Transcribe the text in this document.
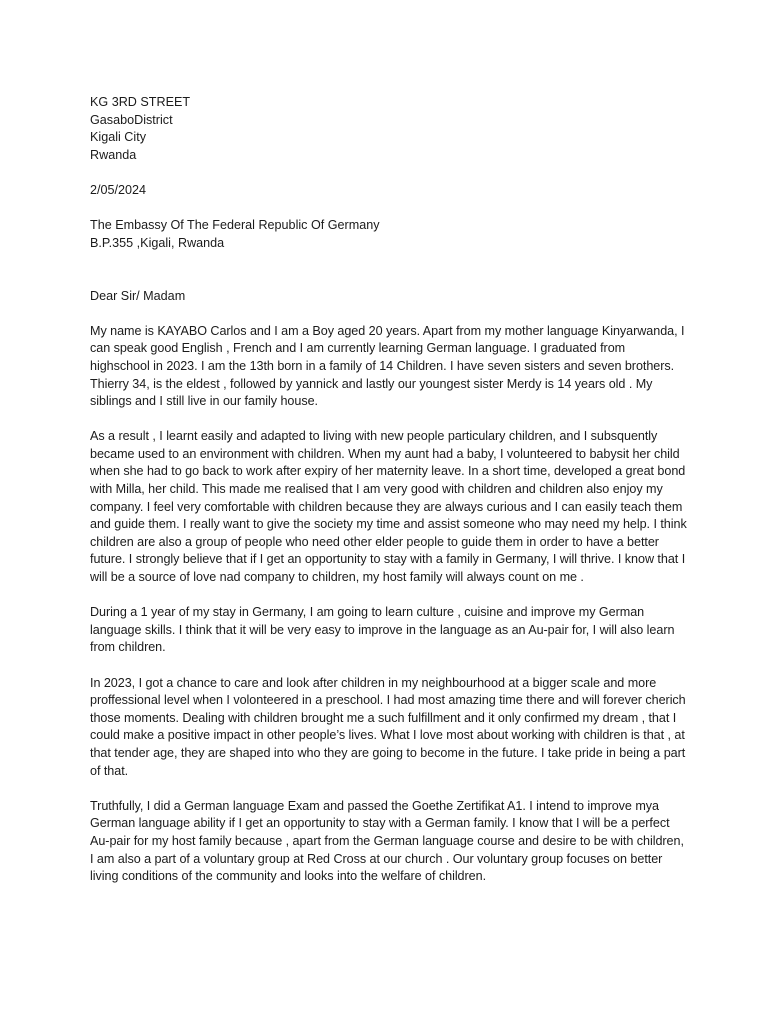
KG 3RD STREET
GasaboDistrict
Kigali City
Rwanda
2/05/2024
The Embassy Of The Federal Republic Of Germany
B.P.355 ,Kigali, Rwanda
Dear Sir/ Madam

My name is KAYABO Carlos and I am a Boy aged 20 years. Apart from my mother language Kinyarwanda, I can speak good English , French and I am currently learning German language. I graduated from highschool in 2023. I am the 13th born in a family of 14 Children. I have seven sisters and seven brothers. Thierry 34, is the eldest , followed by yannick and lastly our youngest sister Merdy is 14 years old . My siblings and I still live in our family house.

As a result , I learnt easily and adapted to living with new people particulary children, and I subsquently became used to an environment with children. When my aunt had a baby, I volunteered to babysit her child when she had to go back to work after expiry of her maternity leave. In a short time, developed a great bond with Milla, her child. This made me realised that I am very good with children and children also enjoy my company. I feel very comfortable with children because they are always curious and I can easily teach them and guide them. I really want to give the society my time and assist someone who may need my help. I think children are also a group of people who need other elder people to guide them in order to have a better future. I strongly believe that if I get an opportunity to stay with a family in Germany, I will thrive. I know that I will be a source of love nad company to children, my host family will always count on me .

During a 1 year of my stay in Germany, I am going to learn culture , cuisine and improve my German language skills. I think that it will be very easy to improve in the language as an Au-pair for, I will also learn from children.

In 2023, I got a chance to care and look after children in my neighbourhood at a bigger scale and more proffessional level when I volonteered in a preschool. I had most amazing time there and will forever cherich those moments. Dealing with children brought me a such fulfillment and it only confirmed my dream , that I could make a positive impact in other people’s lives. What I love most about working with children is that , at that tender age, they are shaped into who they are going to become in the future. I take pride in being a part of that.

Truthfully, I did a German language Exam and passed the Goethe Zertifikat A1. I intend to improve mya German language ability if I get an opportunity to stay with a German family. I know that I will be a perfect Au-pair for my host family because , apart from the German language course and desire to be with children, I am also a part of a voluntary group at Red Cross at our church . Our voluntary group focuses on better living conditions of the community and looks into the welfare of children.
